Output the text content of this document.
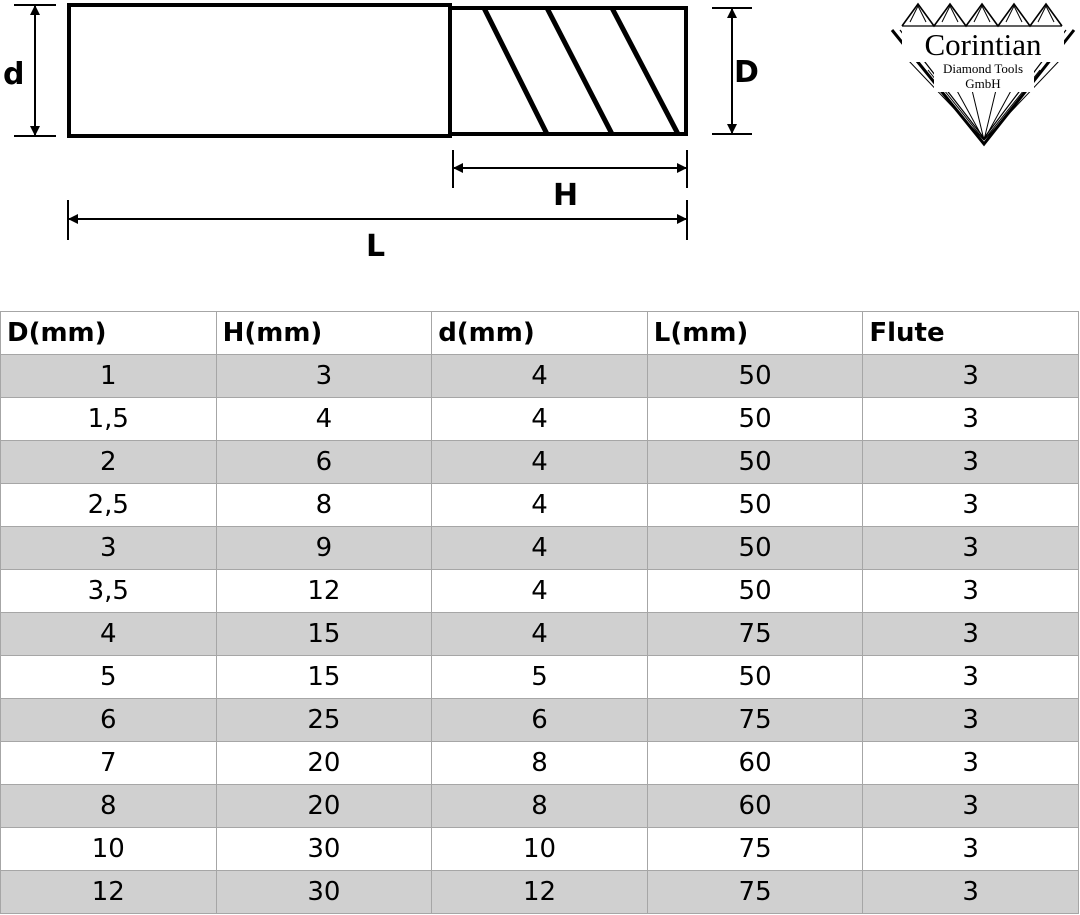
d	D
H
L
Corintian
Diamond Tools
GmbH
D(mm)	H(mm)	d(mm)	L(mm)	Flute
1	3	4	50	3
1,5	4	4	50	3
2	6	4	50	3
2,5	8	4	50	3
3	9	4	50	3
3,5	12	4	50	3
4	15	4	75	3
5	15	5	50	3
6	25	6	75	3
7	20	8	60	3
8	20	8	60	3
10	30	10	75	3
12	30	12	75	3
